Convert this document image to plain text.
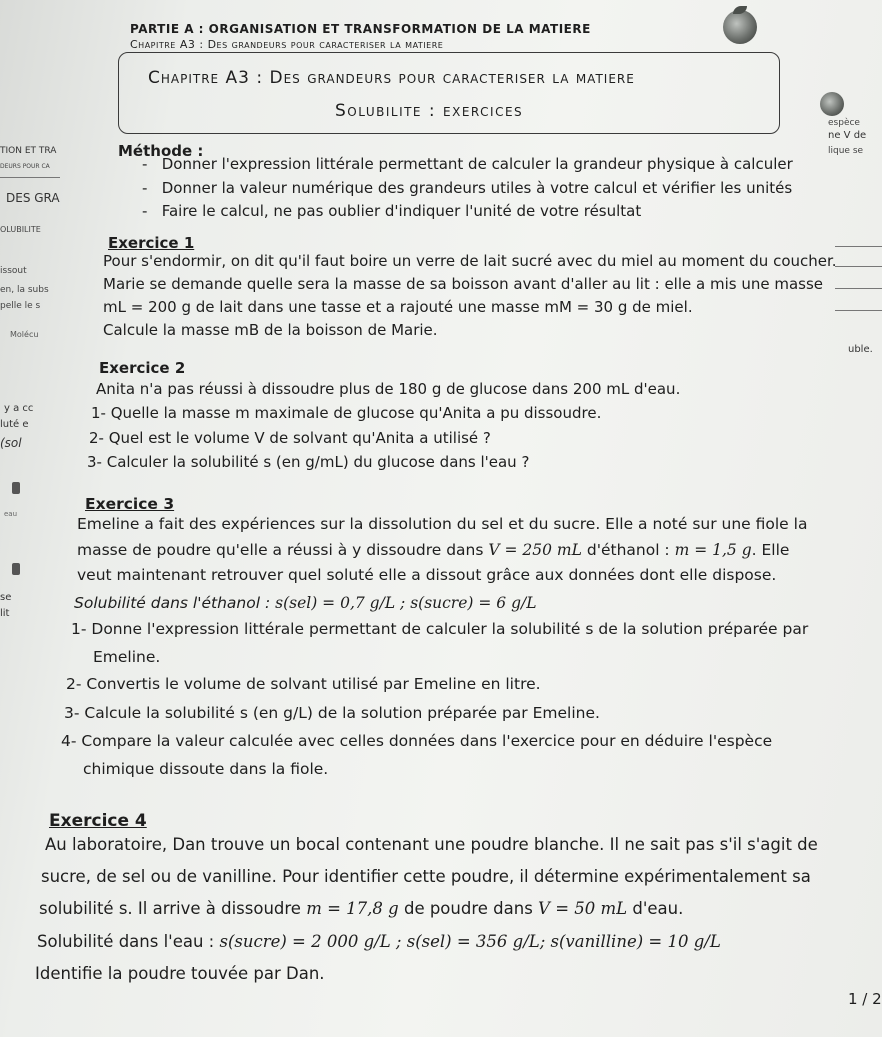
TION ET TRA
DEURS POUR CA
DES GRA
OLUBILITE
issout
en, la subs
pelle le s
Molécu
y a cc
luté e
(sol
eau
se
lit
espèce
ne V de
lique se
uble.
PARTIE A : ORGANISATION ET TRANSFORMATION DE LA MATIERE
Chapitre A3 : Des grandeurs pour caracteriser la matiere
Chapitre A3 : Des grandeurs pour caracteriser la matiere
Solubilite : exercices
Méthode :
-   Donner l'expression littérale permettant de calculer la grandeur physique à calculer
-   Donner la valeur numérique des grandeurs utiles à votre calcul et vérifier les unités
-   Faire le calcul, ne pas oublier d'indiquer l'unité de votre résultat
Exercice 1
Pour s'endormir, on dit qu'il faut boire un verre de lait sucré avec du miel au moment du coucher.
Marie se demande quelle sera la masse de sa boisson avant d'aller au lit : elle a mis une masse
mL = 200 g de lait dans une tasse et a rajouté une masse mM = 30 g de miel.
Calcule la masse mB de la boisson de Marie.
Exercice 2
Anita n'a pas réussi à dissoudre plus de 180 g de glucose dans 200 mL d'eau.
1- Quelle la masse m maximale de glucose qu'Anita a pu dissoudre.
2- Quel est le volume V de solvant qu'Anita a utilisé ?
3- Calculer la solubilité s (en g/mL) du glucose dans l'eau ?
Exercice 3
Emeline a fait des expériences sur la dissolution du sel et du sucre. Elle a noté sur une fiole la
masse de poudre qu'elle a réussi à y dissoudre dans V = 250 mL d'éthanol : m = 1,5 g. Elle
veut maintenant retrouver quel soluté elle a dissout grâce aux données dont elle dispose.
Solubilité dans l'éthanol : s(sel) = 0,7 g/L ; s(sucre) = 6 g/L
1- Donne l'expression littérale permettant de calculer la solubilité s de la solution préparée par
Emeline.
2- Convertis le volume de solvant utilisé par Emeline en litre.
3- Calcule la solubilité s (en g/L) de la solution préparée par Emeline.
4- Compare la valeur calculée avec celles données dans l'exercice pour en déduire l'espèce
chimique dissoute dans la fiole.
Exercice 4
Au laboratoire, Dan trouve un bocal contenant une poudre blanche. Il ne sait pas s'il s'agit de
sucre, de sel ou de vanilline. Pour identifier cette poudre, il détermine expérimentalement sa
solubilité s. Il arrive à dissoudre m = 17,8 g de poudre dans V = 50 mL d'eau.
Solubilité dans l'eau : s(sucre) = 2 000 g/L ; s(sel) = 356 g/L; s(vanilline) = 10 g/L
Identifie la poudre touvée par Dan.
1 / 2
